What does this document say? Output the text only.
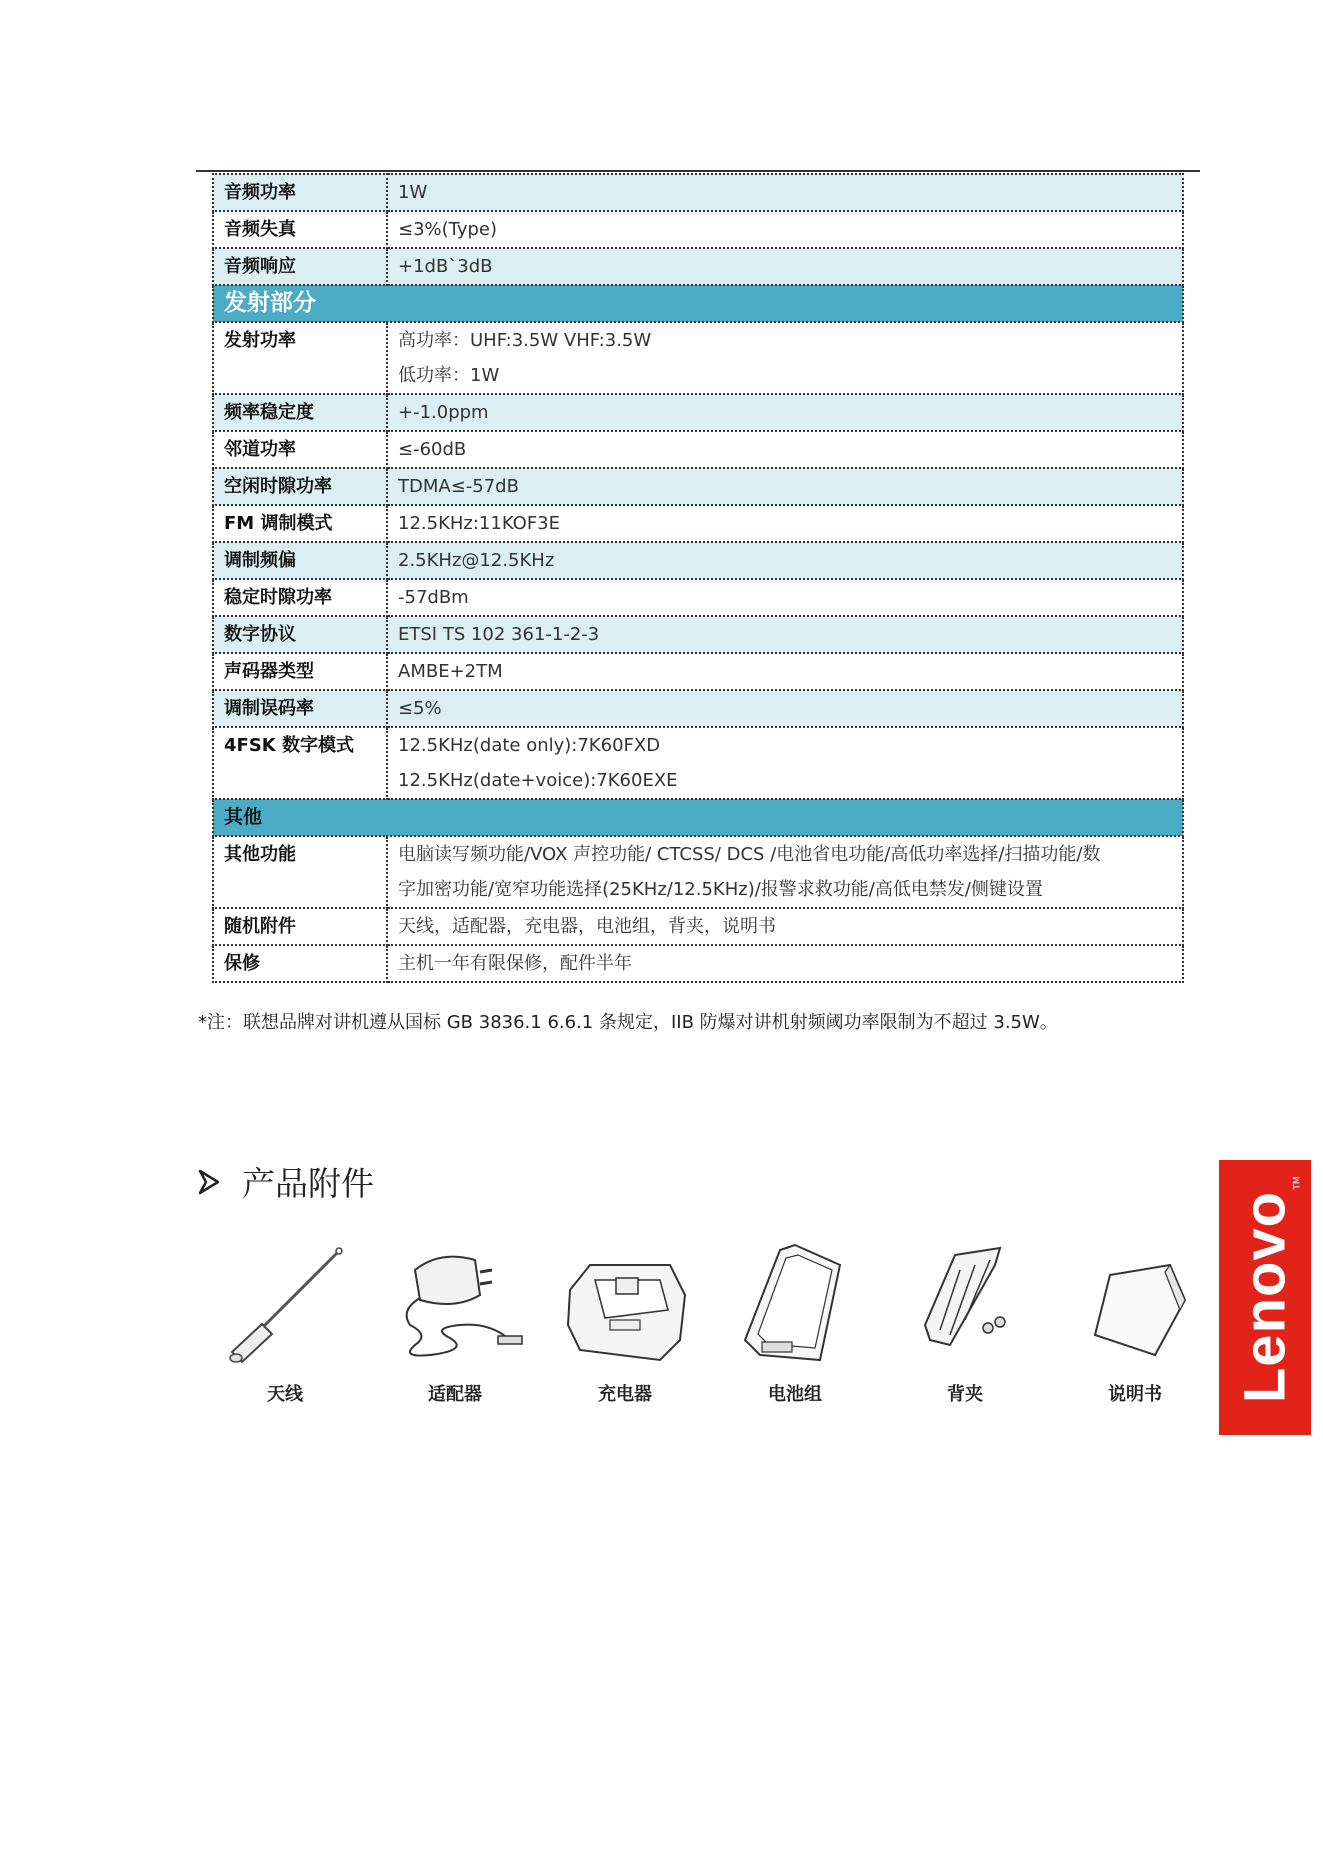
音频功率	1W

音频失真	≤3%(Type)

音频响应	+1dB`3dB

发射部分	
发射功率	高功率：UHF:3.5W VHF:3.5W
低功率：1W

频率稳定度	+-1.0ppm

邻道功率	≤-60dB

空闲时隙功率	TDMA≤-57dB

FM 调制模式	12.5KHz:11KOF3E

调制频偏	2.5KHz@12.5KHz

稳定时隙功率	-57dBm

数字协议	ETSI TS 102 361-1-2-3

声码器类型	AMBE+2TM

调制误码率	≤5%

4FSK 数字模式	12.5KHz(date only):7K60FXD
12.5KHz(date+voice):7K60EXE

其他	
其他功能	电脑读写频功能/VOX 声控功能/ CTCSS/ DCS /电池省电功能/高低功率选择/扫描功能/数
字加密功能/宽窄功能选择(25KHz/12.5KHz)/报警求救功能/高低电禁发/侧键设置

随机附件	天线，适配器，充电器，电池组，背夹，说明书

保修	主机一年有限保修，配件半年
*注：联想品牌对讲机遵从国标 GB 3836.1 6.6.1 条规定，IIB 防爆对讲机射频阈功率限制为不超过 3.5W。
产品附件
天线	适配器	充电器	电池组	背夹	说明书	Lenovo
TM
